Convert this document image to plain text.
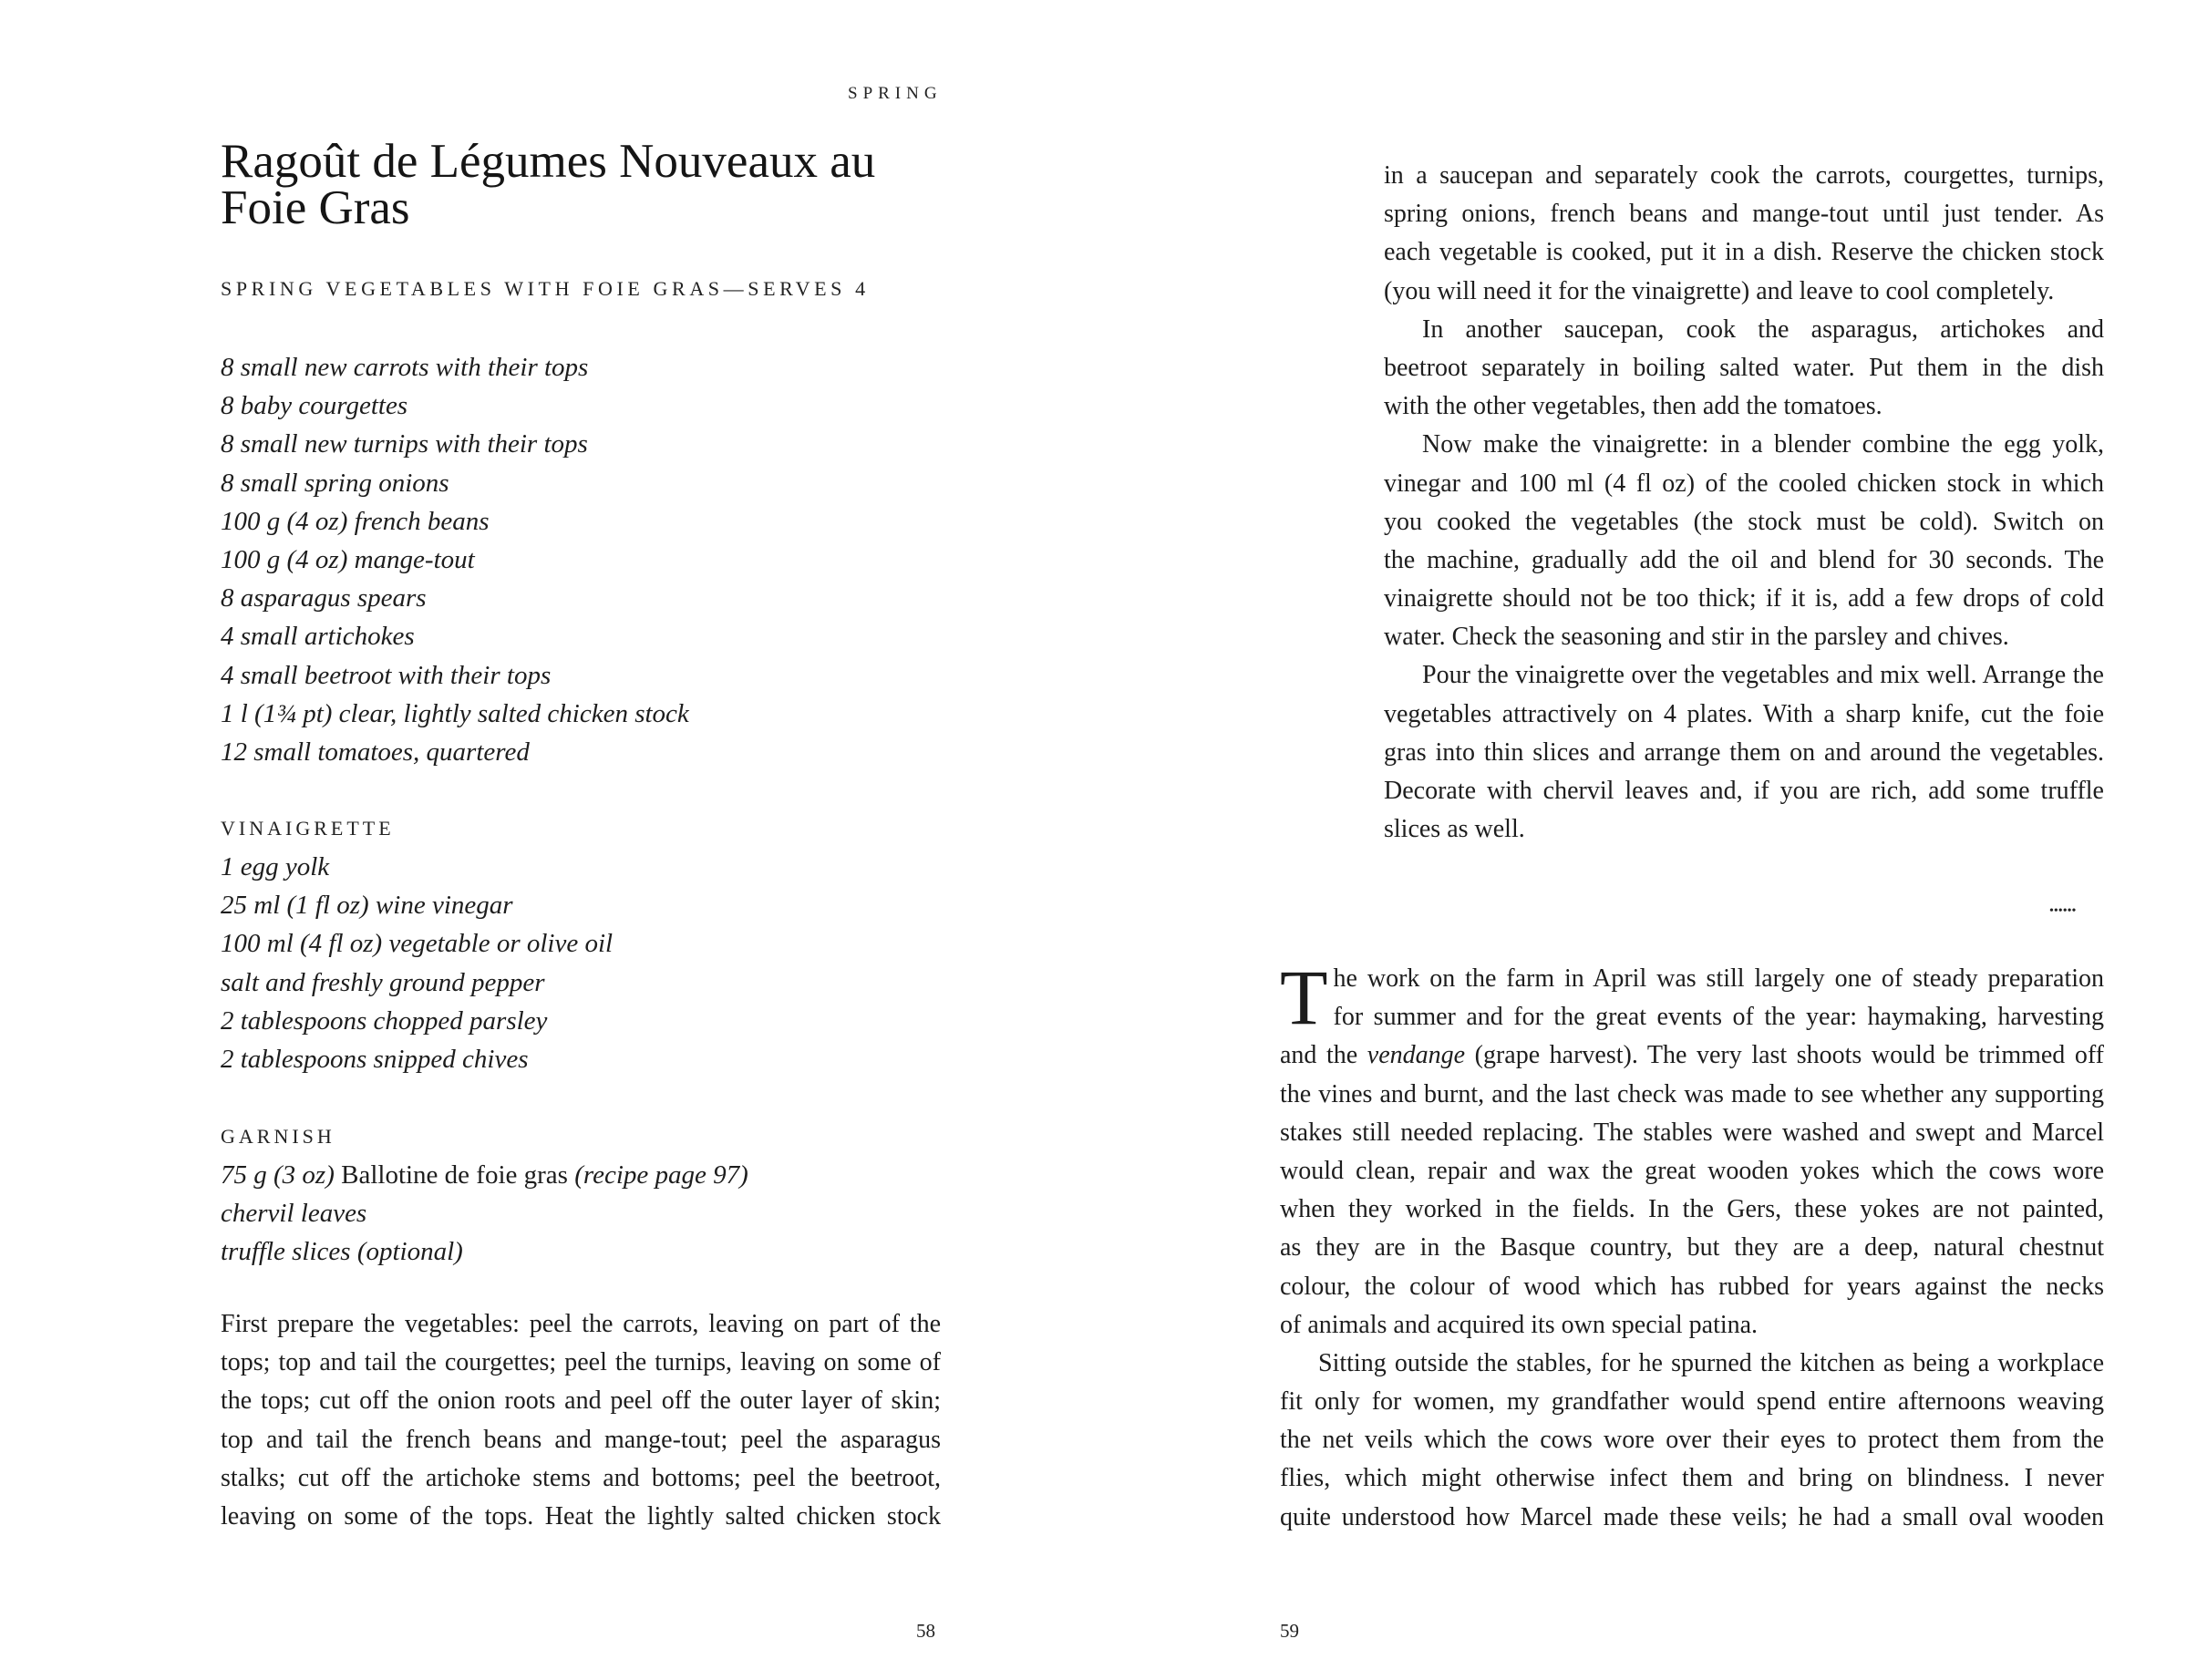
SPRING
Ragoût de Légumes Nouveaux au
Foie Gras
SPRING VEGETABLES WITH FOIE GRAS—SERVES 4
8 small new carrots with their tops
8 baby courgettes
8 small new turnips with their tops
8 small spring onions
100 g (4 oz) french beans
100 g (4 oz) mange-tout
8 asparagus spears
4 small artichokes
4 small beetroot with their tops
1 l (1¾ pt) clear, lightly salted chicken stock
12 small tomatoes, quartered
VINAIGRETTE
1 egg yolk
25 ml (1 fl oz) wine vinegar
100 ml (4 fl oz) vegetable or olive oil
salt and freshly ground pepper
2 tablespoons chopped parsley
2 tablespoons snipped chives
GARNISH
75 g (3 oz) Ballotine de foie gras (recipe page 97)
chervil leaves
truffle slices (optional)
First prepare the vegetables: peel the carrots, leaving on part of the
tops; top and tail the courgettes; peel the turnips, leaving on some of
the tops; cut off the onion roots and peel off the outer layer of skin;
top and tail the french beans and mange-tout; peel the asparagus
stalks; cut off the artichoke stems and bottoms; peel the beetroot,
leaving on some of the tops. Heat the lightly salted chicken stock
58
in a saucepan and separately cook the carrots, courgettes, turnips,
spring onions, french beans and mange-tout until just tender. As
each vegetable is cooked, put it in a dish. Reserve the chicken stock
(you will need it for the vinaigrette) and leave to cool completely.
In another saucepan, cook the asparagus, artichokes and
beetroot separately in boiling salted water. Put them in the dish
with the other vegetables, then add the tomatoes.
Now make the vinaigrette: in a blender combine the egg yolk,
vinegar and 100 ml (4 fl oz) of the cooled chicken stock in which
you cooked the vegetables (the stock must be cold). Switch on
the machine, gradually add the oil and blend for 30 seconds. The
vinaigrette should not be too thick; if it is, add a few drops of cold
water. Check the seasoning and stir in the parsley and chives.
Pour the vinaigrette over the vegetables and mix well. Arrange the
vegetables attractively on 4 plates. With a sharp knife, cut the foie
gras into thin slices and arrange them on and around the vegetables.
Decorate with chervil leaves and, if you are rich, add some truffle
slices as well.
••••••
T he work on the farm in April was still largely one of steady preparation
for summer and for the great events of the year: haymaking, harvesting
and the vendange (grape harvest). The very last shoots would be trimmed off
the vines and burnt, and the last check was made to see whether any supporting
stakes still needed replacing. The stables were washed and swept and Marcel
would clean, repair and wax the great wooden yokes which the cows wore
when they worked in the fields. In the Gers, these yokes are not painted,
as they are in the Basque country, but they are a deep, natural chestnut
colour, the colour of wood which has rubbed for years against the necks
of animals and acquired its own special patina.
Sitting outside the stables, for he spurned the kitchen as being a workplace
fit only for women, my grandfather would spend entire afternoons weaving
the net veils which the cows wore over their eyes to protect them from the
flies, which might otherwise infect them and bring on blindness. I never
quite understood how Marcel made these veils; he had a small oval wooden
59
